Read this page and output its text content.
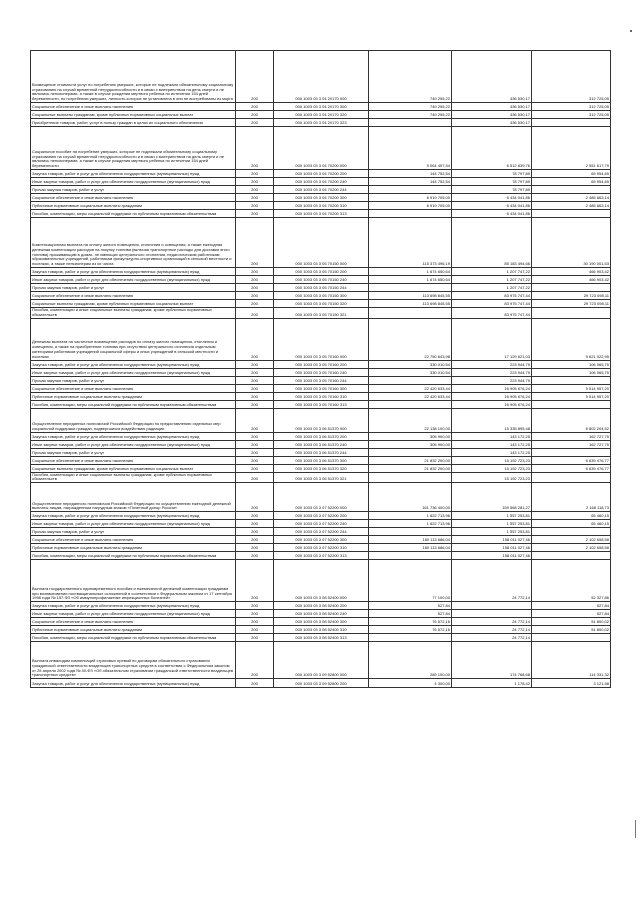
Возмещение стоимости услуг по погребению умерших, которые не подлежали обязательному социальному страхованию на случай временной нетрудоспособности и в связи с материнством на день смерти и не являлись пенсионерами, а также в случае рождения мертвого ребенка по истечении 154 дней беременности, по погребению умерших, личность которых не установлена в они не востребованы из морга	200	000 1003 03 3 04 20170 000	749 255,22	436 530,17	312 725,05
Социальное обеспечение и иные выплаты населению	200	000 1003 03 3 04 20170 300	749 255,22	436 530,17	312 725,05
Социальные выплаты гражданам, кроме публичных нормативных социальных выплат	200	000 1003 03 3 04 20170 320	749 255,22	436 530,17	312 725,05
Приобретение товаров, работ, услуг в пользу граждан в целях их социального обеспечения	200	000 1003 03 3 04 20170 323		436 530,17	
Социальное пособие на погребение умерших, которые не подлежали обязательному социальному страхованию на случай временной нетрудоспособности и в связи с материнством на день смерти и не являлись пенсионерами, а также в случае рождения мертвого ребенка по истечении 154 дней беременности	200	000 1003 03 3 04 70200 000	9 064 457,54	6 512 839,76	2 551 617,79
Закупка товаров, работ и услуг для обеспечения государственных (муниципальных) нужд	200	000 1003 03 3 04 70200 200	144 752,54	78 797,89	65 954,65
Иные закупки товаров, работ и услуг для обеспечения государственных (муниципальных) нужд	200	000 1003 03 3 04 70200 240	144 752,54	78 797,89	65 954,65
Прочая закупка товаров, работ и услуг	200	000 1003 03 3 04 70200 244		78 797,89	
Социальное обеспечение и иные выплаты населению	200	000 1003 03 3 04 70200 300	8 919 705,00	6 434 041,86	2 485 663,14
Публичные нормативные социальные выплаты гражданам	200	000 1003 03 3 04 70200 310	8 919 705,00	6 434 041,86	2 485 663,14
Пособия, компенсации, меры социальной поддержки по публичным нормативным обязательствам	200	000 1003 03 3 04 70200 313		6 434 041,86	
Компенсационная выплата на оплату жилого помещения, отопления и освещения, а также ежегодная денежная компенсация расходов на покупку топлива (включая транспортные расходы для доставки этого топлива) проживающим в домах, не имеющих центрального отопления, педагогическим работникам образовательных учреждений, работникам физкультурно-спортивных организаций в сельской местности и поселках, а также пенсионерам из их числа	200	000 1003 03 3 05 70150 000	115 373 496,19	85 183 494,66	30 190 001,53
Закупка товаров, работ и услуг для обеспечения государственных (муниципальных) нужд	200	000 1003 03 3 05 70150 200	1 674 650,64	1 207 747,22	466 903,42
Иные закупки товаров, работ и услуг для обеспечения государственных (муниципальных) нужд	200	000 1003 03 3 05 70150 240	1 674 650,64	1 207 747,22	466 903,42
Прочая закупка товаров, работ и услуг	200	000 1003 03 3 05 70150 244		1 207 747,22	
Социальное обеспечение и иные выплаты населению	200	000 1003 03 3 05 70150 300	113 698 845,55	83 975 747,44	29 723 098,11
Социальные выплаты гражданам, кроме публичных нормативных социальных выплат	200	000 1003 03 3 05 70150 320	113 698 845,55	83 975 747,44	29 723 098,11
Пособия, компенсации и иные социальные выплаты гражданам, кроме публичных нормативных обязательств	200	000 1003 03 3 05 70150 321		83 975 747,44	
Денежная выплата на частичное возмещение расходов по оплату жилого помещения, отопления и освещения, а также на приобретение топлива при отсутствии центрального отопления отдельным категориям работников учреждений социальной сферы и иных учреждений в сельской местности и поселках	200	000 1003 03 3 05 70160 000	22 750 643,98	17 129 621,03	5 621 022,95
Закупка товаров, работ и услуг для обеспечения государственных (муниципальных) нужд	200	000 1003 03 3 05 70160 200	330 010,54	223 944,79	106 065,75
Иные закупки товаров, работ и услуг для обеспечения государственных (муниципальных) нужд	200	000 1003 03 3 05 70160 240	330 010,54	223 944,79	106 065,75
Прочая закупка товаров, работ и услуг	200	000 1003 03 3 05 70160 244		223 944,79	
Социальное обеспечение и иные выплаты населению	200	000 1003 03 3 05 70160 300	22 420 633,44	16 905 676,24	5 514 957,20
Публичные нормативные социальные выплаты гражданам	200	000 1003 03 3 05 70160 310	22 420 633,44	16 905 676,24	5 514 957,20
Пособия, компенсации, меры социальной поддержки по публичным нормативным обязательствам	200	000 1003 03 3 05 70160 313		16 905 676,24	
Осуществление переданных полномочий Российской Федерации по предоставлению отдельных мер социальной поддержки граждан, подвергшихся воздействию радиации	200	000 1003 03 3 06 51370 000	22 138 100,00	15 335 895,48	6 802 204,52
Закупка товаров, работ и услуг для обеспечения государственных (муниципальных) нужд	200	000 1003 03 3 06 51370 200	305 900,00	143 172,25	162 727,75
Иные закупки товаров, работ и услуг для обеспечения государственных (муниципальных) нужд	200	000 1003 03 3 06 51370 240	305 900,00	143 172,25	162 727,75
Прочая закупка товаров, работ и услуг	200	000 1003 03 3 06 51370 244		143 172,25	
Социальное обеспечение и иные выплаты населению	200	000 1003 03 3 06 51370 300	21 832 200,00	15 192 723,23	6 639 476,77
Социальные выплаты гражданам, кроме публичных нормативных социальных выплат	200	000 1003 03 3 06 51370 320	21 832 200,00	15 192 723,23	6 639 476,77
Пособия, компенсации и иные социальные выплаты гражданам, кроме публичных нормативных обязательств	200	000 1003 03 3 06 51370 321		15 192 723,23	
Осуществление переданного полномочия Российской Федерации по осуществлению ежегодной денежной выплаты лицам, награжденным нагрудным знаком «Почетный донор России»	200	000 1003 03 3 07 52200 000	161 736 400,00	159 568 281,27	2 168 118,73
Закупка товаров, работ и услуг для обеспечения государственных (муниципальных) нужд	200	000 1003 03 3 07 52200 200	1 622 713,96	1 557 253,81	65 460,15
Иные закупки товаров, работ и услуг для обеспечения государственных (муниципальных) нужд	200	000 1003 03 3 07 52200 240	1 622 713,96	1 557 253,81	65 460,15
Прочая закупка товаров, работ и услуг	200	000 1003 03 3 07 52200 244		1 557 253,81	
Социальное обеспечение и иные выплаты населению	200	000 1003 03 3 07 52200 300	160 113 686,04	158 011 027,46	2 102 658,58
Публичные нормативные социальные выплаты гражданам	200	000 1003 03 3 07 52200 310	160 113 686,04	158 011 027,46	2 102 658,58
Пособия, компенсации, меры социальной поддержки по публичным нормативным обязательствам	200	000 1003 03 3 07 52200 313		158 011 027,46	
Выплата государственного единовременного пособия и ежемесячной денежной компенсации гражданам при возникновении поствакцинальных осложнений в соответствии с Федеральным законом от 17 сентября 1998 года № 157-ФЗ «Об иммунопрофилактике инфекционных болезней»	200	000 1003 03 3 08 52400 000	77 100,00	24 772,14	52 327,86
Закупка товаров, работ и услуг для обеспечения государственных (муниципальных) нужд	200	000 1003 03 3 08 52400 200	527,84		527,84
Иные закупки товаров, работ и услуг для обеспечения государственных (муниципальных) нужд	200	000 1003 03 3 08 52400 240	527,84		527,84
Социальное обеспечение и иные выплаты населению	200	000 1003 03 3 08 52400 300	76 572,16	24 772,14	51 800,02
Публичные нормативные социальные выплаты гражданам	200	000 1003 03 3 08 52400 310	76 572,16	24 772,14	51 800,02
Пособия, компенсации, меры социальной поддержки по публичным нормативным обязательствам	200	000 1003 03 3 08 52400 313		24 772,14	
Выплата инвалидам компенсаций страховых премий по договорам обязательного страхования гражданской ответственности владельцев транспортных средств в соответствии с Федеральным законом от 25 апреля 2002 года № 40-ФЗ «Об обязательном страховании гражданской ответственности владельцев транспортных средств»	200	000 1003 03 3 09 52800 000	289 100,00	174 768,68	114 331,32
Закупка товаров, работ и услуг для обеспечения государственных (муниципальных) нужд	200	000 1003 03 3 09 52800 200	4 300,00	1 178,42	3 121,58
